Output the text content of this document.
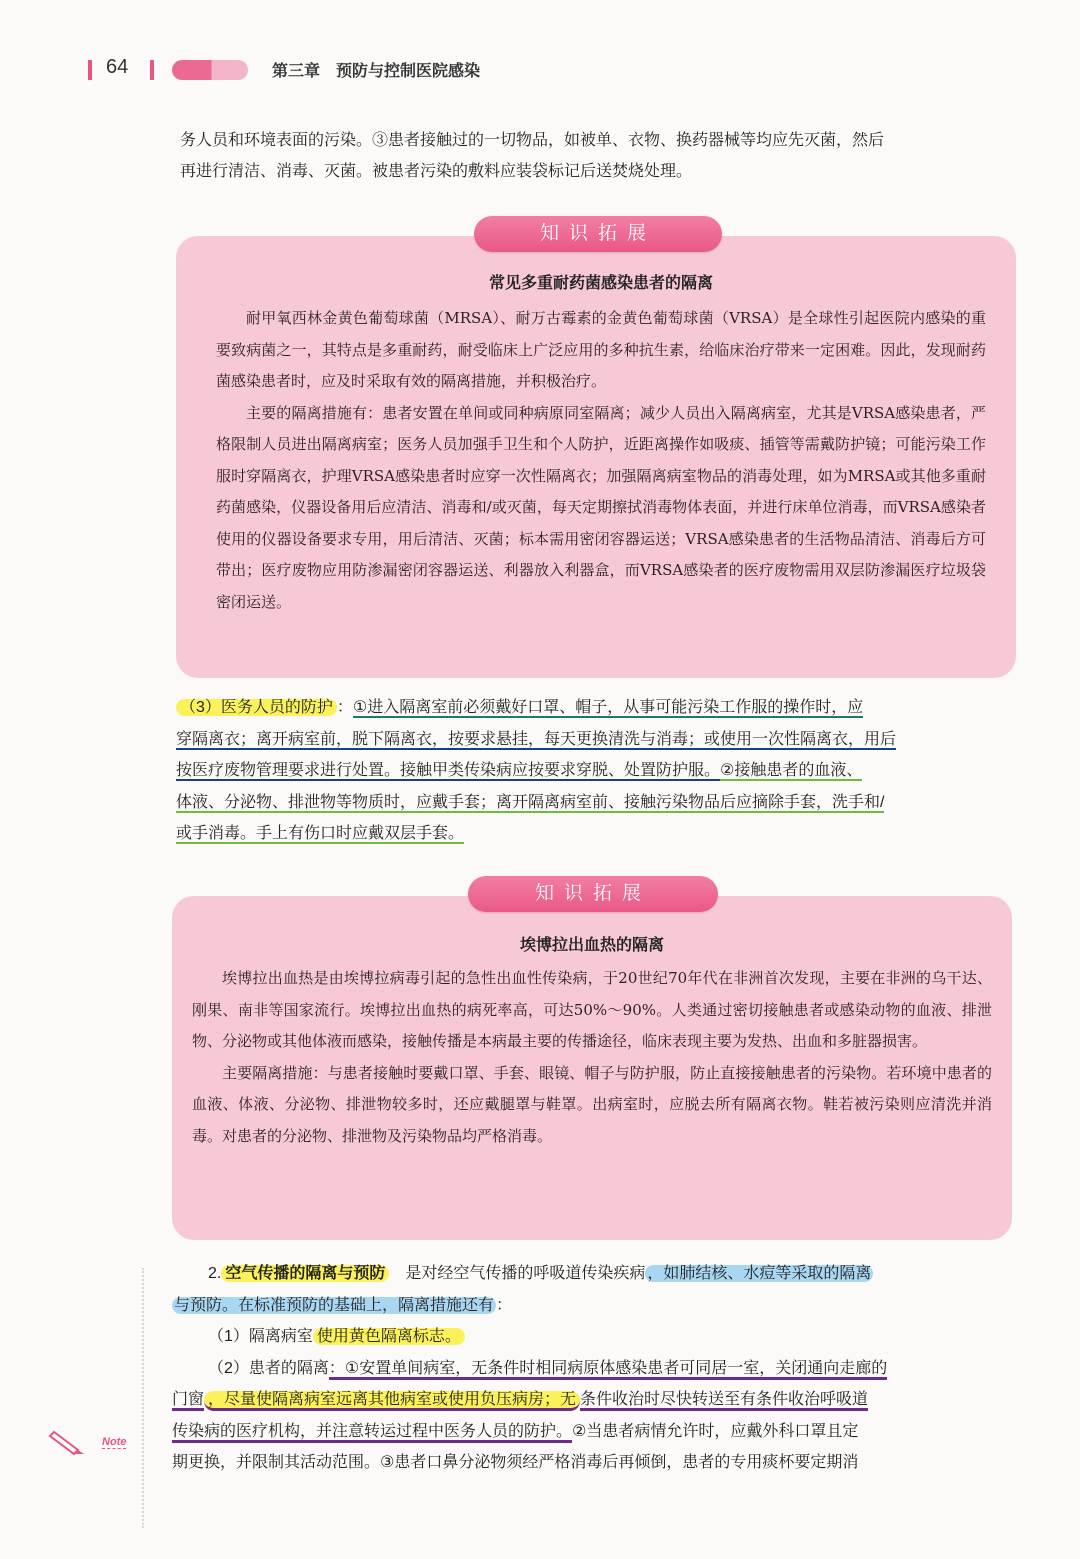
64	第三章　预防与控制医院感染

务人员和环境表面的污染。③患者接触过的一切物品，如被单、衣物、换药器械等均应先灭菌，然后

再进行清洁、消毒、灭菌。被患者污染的敷料应装袋标记后送焚烧处理。

常见多重耐药菌感染患者的隔离

耐甲氧西林金黄色葡萄球菌（MRSA）、耐万古霉素的金黄色葡萄球菌（VRSA）是全球性引起医院内感染的重要致病菌之一，其特点是多重耐药，耐受临床上广泛应用的多种抗生素，给临床治疗带来一定困难。因此，发现耐药菌感染患者时，应及时采取有效的隔离措施，并积极治疗。

主要的隔离措施有：患者安置在单间或同种病原同室隔离；减少人员出入隔离病室，尤其是VRSA感染患者，严格限制人员进出隔离病室；医务人员加强手卫生和个人防护，近距离操作如吸痰、插管等需戴防护镜；可能污染工作服时穿隔离衣，护理VRSA感染患者时应穿一次性隔离衣；加强隔离病室物品的消毒处理，如为MRSA或其他多重耐药菌感染，仪器设备用后应清洁、消毒和/或灭菌，每天定期擦拭消毒物体表面，并进行床单位消毒，而VRSA感染者使用的仪器设备要求专用，用后清洁、灭菌；标本需用密闭容器运送；VRSA感染患者的生活物品清洁、消毒后方可带出；医疗废物应用防渗漏密闭容器运送、利器放入利器盒，而VRSA感染者的医疗废物需用双层防渗漏医疗垃圾袋密闭运送。

知识拓展

（3）医务人员的防护 ：①进入隔离室前必须戴好口罩、帽子，从事可能污染工作服的操作时，应

穿隔离衣；离开病室前，脱下隔离衣，按要求悬挂，每天更换清洗与消毒；或使用一次性隔离衣，用后

按医疗废物管理要求进行处置。接触甲类传染病应按要求穿脱、处置防护服。②接触患者的血液、

体液、分泌物、排泄物等物质时，应戴手套；离开隔离病室前、接触污染物品后应摘除手套，洗手和/

或手消毒。手上有伤口时应戴双层手套。

埃博拉出血热的隔离

埃博拉出血热是由埃博拉病毒引起的急性出血性传染病，于20世纪70年代在非洲首次发现，主要在非洲的乌干达、刚果、南非等国家流行。埃博拉出血热的病死率高，可达50%～90%。人类通过密切接触患者或感染动物的血液、排泄物、分泌物或其他体液而感染，接触传播是本病最主要的传播途径，临床表现主要为发热、出血和多脏器损害。

主要隔离措施：与患者接触时要戴口罩、手套、眼镜、帽子与防护服，防止直接接触患者的污染物。若环境中患者的血液、体液、分泌物、排泄物较多时，还应戴腿罩与鞋罩。出病室时，应脱去所有隔离衣物。鞋若被污染则应清洗并消毒。对患者的分泌物、排泄物及污染物品均严格消毒。

知识拓展

2. 空气传播的隔离与预防　 是对经空气传播的呼吸道传染疾病 ，如肺结核、水痘等采取的隔离

与预防。在标准预防的基础上，隔离措施还有 ：

（1）隔离病室 使用黄色隔离标志。

（2）患者的隔离：①安置单间病室，无条件时相同病原体感染患者可同居一室，关闭通向走廊的

门窗 ，尽量使隔离病室远离其他病室或使用负压病房；无 条件收治时尽快转送至有条件收治呼吸道

传染病的医疗机构，并注意转运过程中医务人员的防护。②当患者病情允许时，应戴外科口罩且定

期更换，并限制其活动范围。③患者口鼻分泌物须经严格消毒后再倾倒，患者的专用痰杯要定期消

Note
